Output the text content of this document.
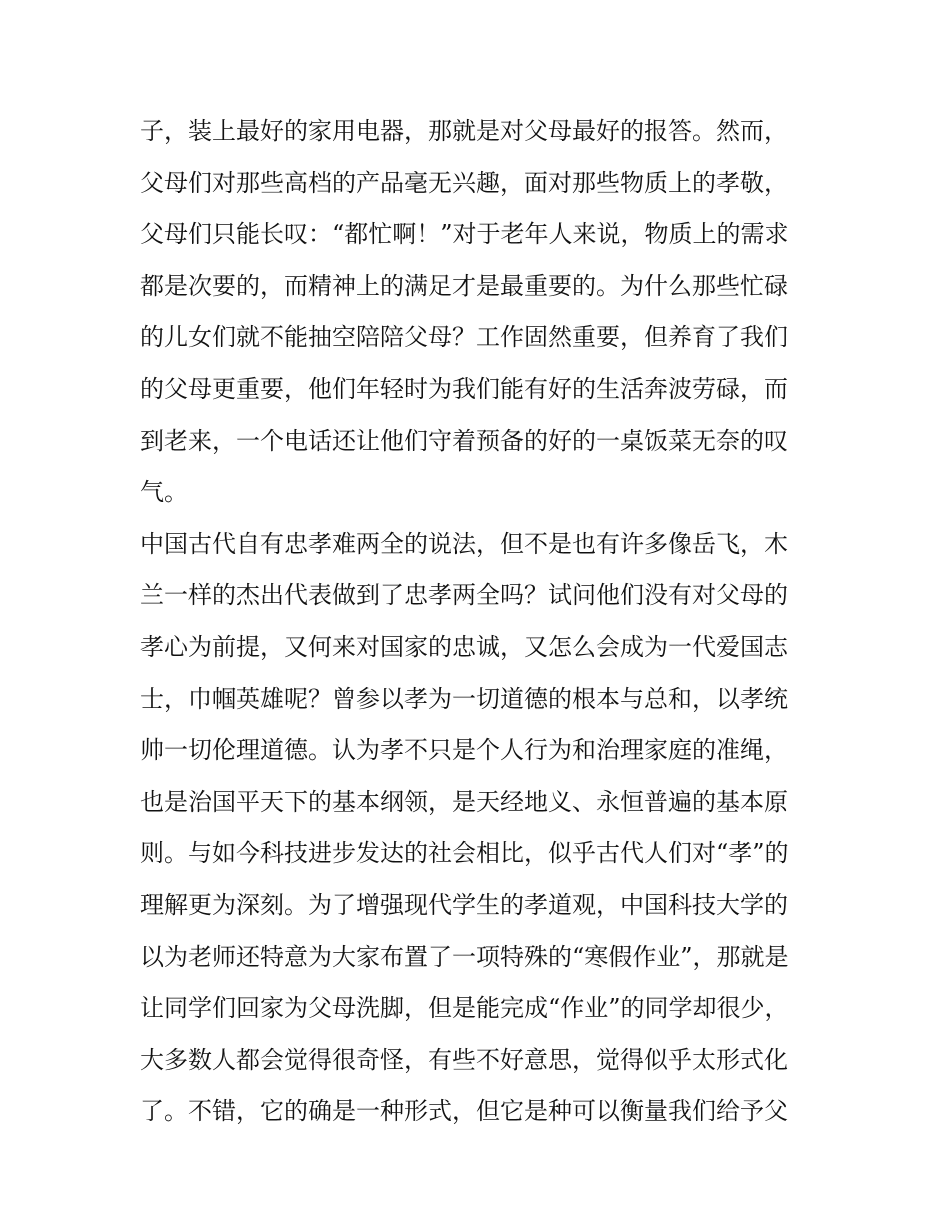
子，装上最好的家用电器，那就是对父母最好的报答。然而，
父母们对那些高档的产品毫无兴趣，面对那些物质上的孝敬，
父母们只能长叹：“都忙啊！”对于老年人来说，物质上的需求
都是次要的，而精神上的满足才是最重要的。为什么那些忙碌
的儿女们就不能抽空陪陪父母？工作固然重要，但养育了我们
的父母更重要，他们年轻时为我们能有好的生活奔波劳碌，而
到老来，一个电话还让他们守着预备的好的一桌饭菜无奈的叹
气。
中国古代自有忠孝难两全的说法，但不是也有许多像岳飞，木
兰一样的杰出代表做到了忠孝两全吗？试问他们没有对父母的
孝心为前提，又何来对国家的忠诚，又怎么会成为一代爱国志
士，巾帼英雄呢？曾参以孝为一切道德的根本与总和，以孝统
帅一切伦理道德。认为孝不只是个人行为和治理家庭的准绳，
也是治国平天下的基本纲领，是天经地义、永恒普遍的基本原
则。与如今科技进步发达的社会相比，似乎古代人们对“孝”的
理解更为深刻。为了增强现代学生的孝道观，中国科技大学的
以为老师还特意为大家布置了一项特殊的“寒假作业”，那就是
让同学们回家为父母洗脚，但是能完成“作业”的同学却很少，
大多数人都会觉得很奇怪，有些不好意思，觉得似乎太形式化
了。不错，它的确是一种形式，但它是种可以衡量我们给予父
